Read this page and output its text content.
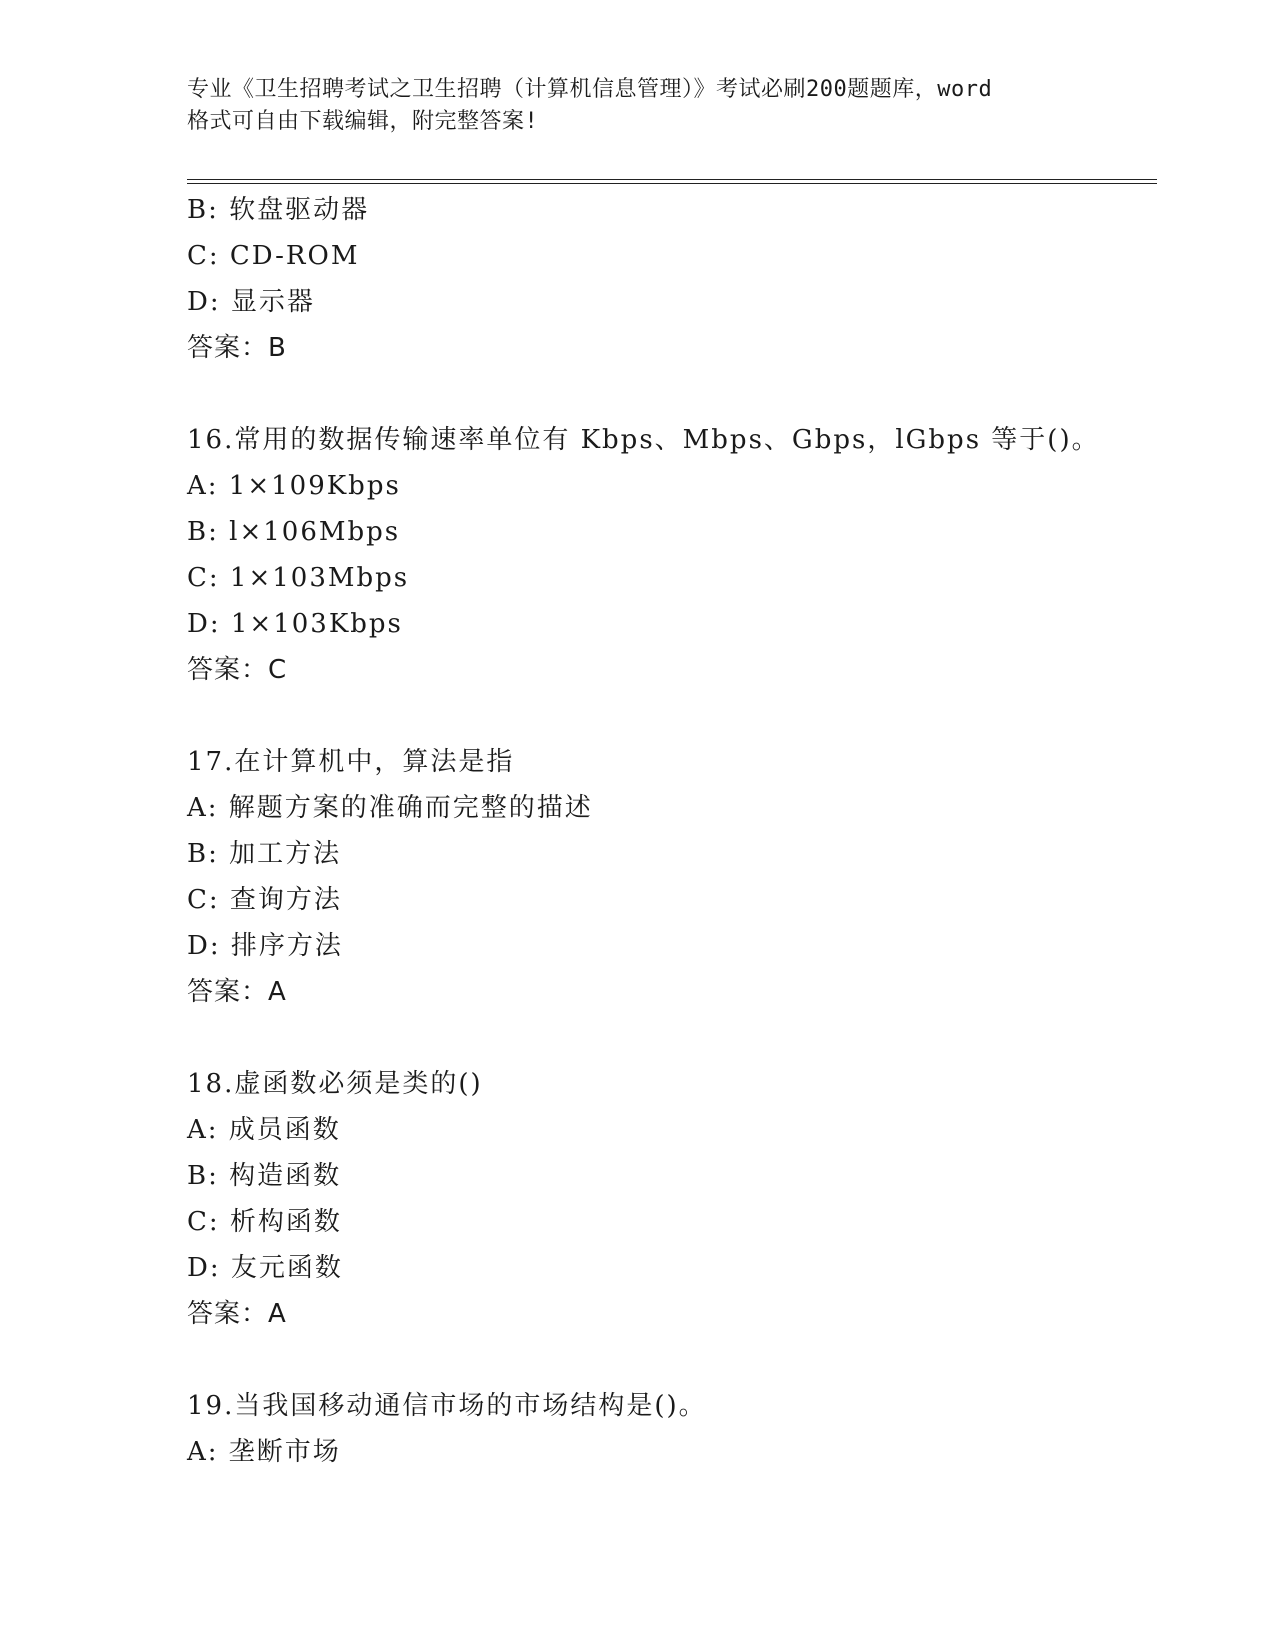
专业《卫生招聘考试之卫生招聘（计算机信息管理）》考试必刷200题题库，word
格式可自由下载编辑，附完整答案!
B: 软盘驱动器
C: CD-ROM
D: 显示器
答案：B
16.常用的数据传输速率单位有 Kbps、Mbps、Gbps，lGbps 等于()。
A: 1×109Kbps
B: l×106Mbps
C: 1×103Mbps
D: 1×103Kbps
答案：C
17.在计算机中，算法是指
A: 解题方案的准确而完整的描述
B: 加工方法
C: 查询方法
D: 排序方法
答案：A
18.虚函数必须是类的()
A: 成员函数
B: 构造函数
C: 析构函数
D: 友元函数
答案：A
19.当我国移动通信市场的市场结构是()。
A: 垄断市场
